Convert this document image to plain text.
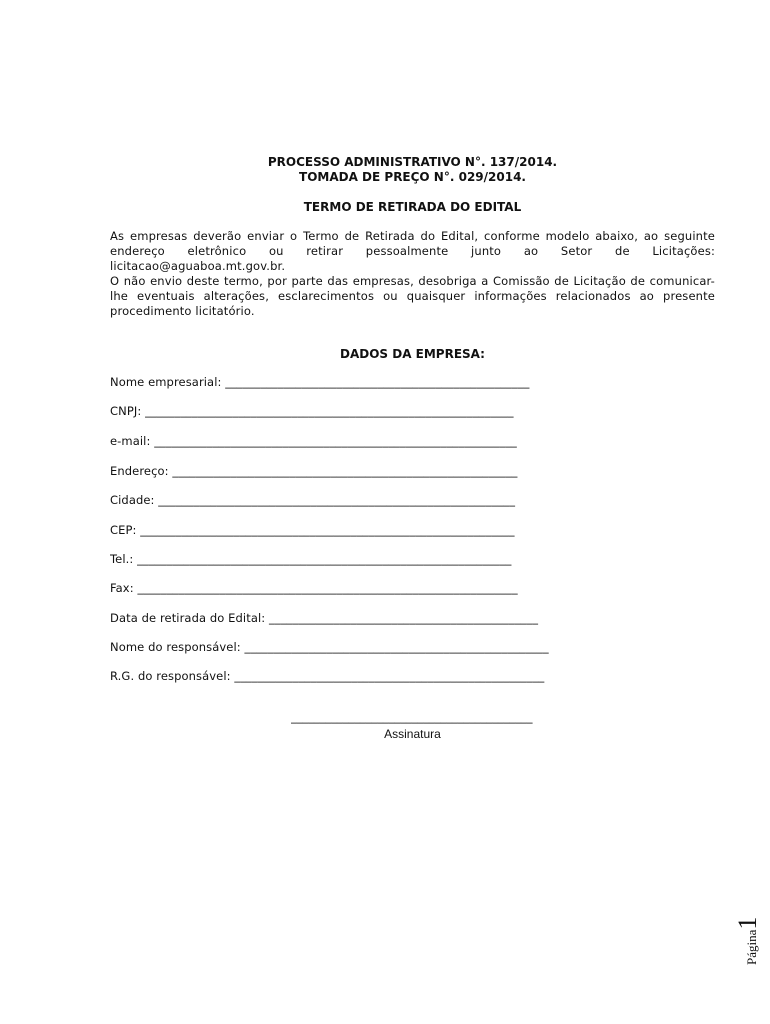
PROCESSO ADMINISTRATIVO N°. 137/2014.
TOMADA DE PREÇO N°. 029/2014.
TERMO DE RETIRADA DO EDITAL
As empresas deverão enviar o Termo de Retirada do Edital, conforme modelo abaixo, ao seguinte endereço eletrônico ou retirar pessoalmente junto ao Setor de Licitações: licitacao@aguaboa.mt.gov.br.
O não envio deste termo, por parte das empresas, desobriga a Comissão de Licitação de comunicar-lhe eventuais alterações, esclarecimentos ou quaisquer informações relacionados ao presente procedimento licitatório.
DADOS DA EMPRESA:
Nome empresarial: ____________________________________________________
CNPJ: _______________________________________________________________
e-mail: ______________________________________________________________
Endereço: ___________________________________________________________
Cidade: _____________________________________________________________
CEP: ________________________________________________________________
Tel.: ________________________________________________________________
Fax: _________________________________________________________________
Data de retirada do Edital: ______________________________________________
Nome do responsável: ____________________________________________________
R.G. do responsável: _____________________________________________________
__________________________________________
Assinatura
Página1
